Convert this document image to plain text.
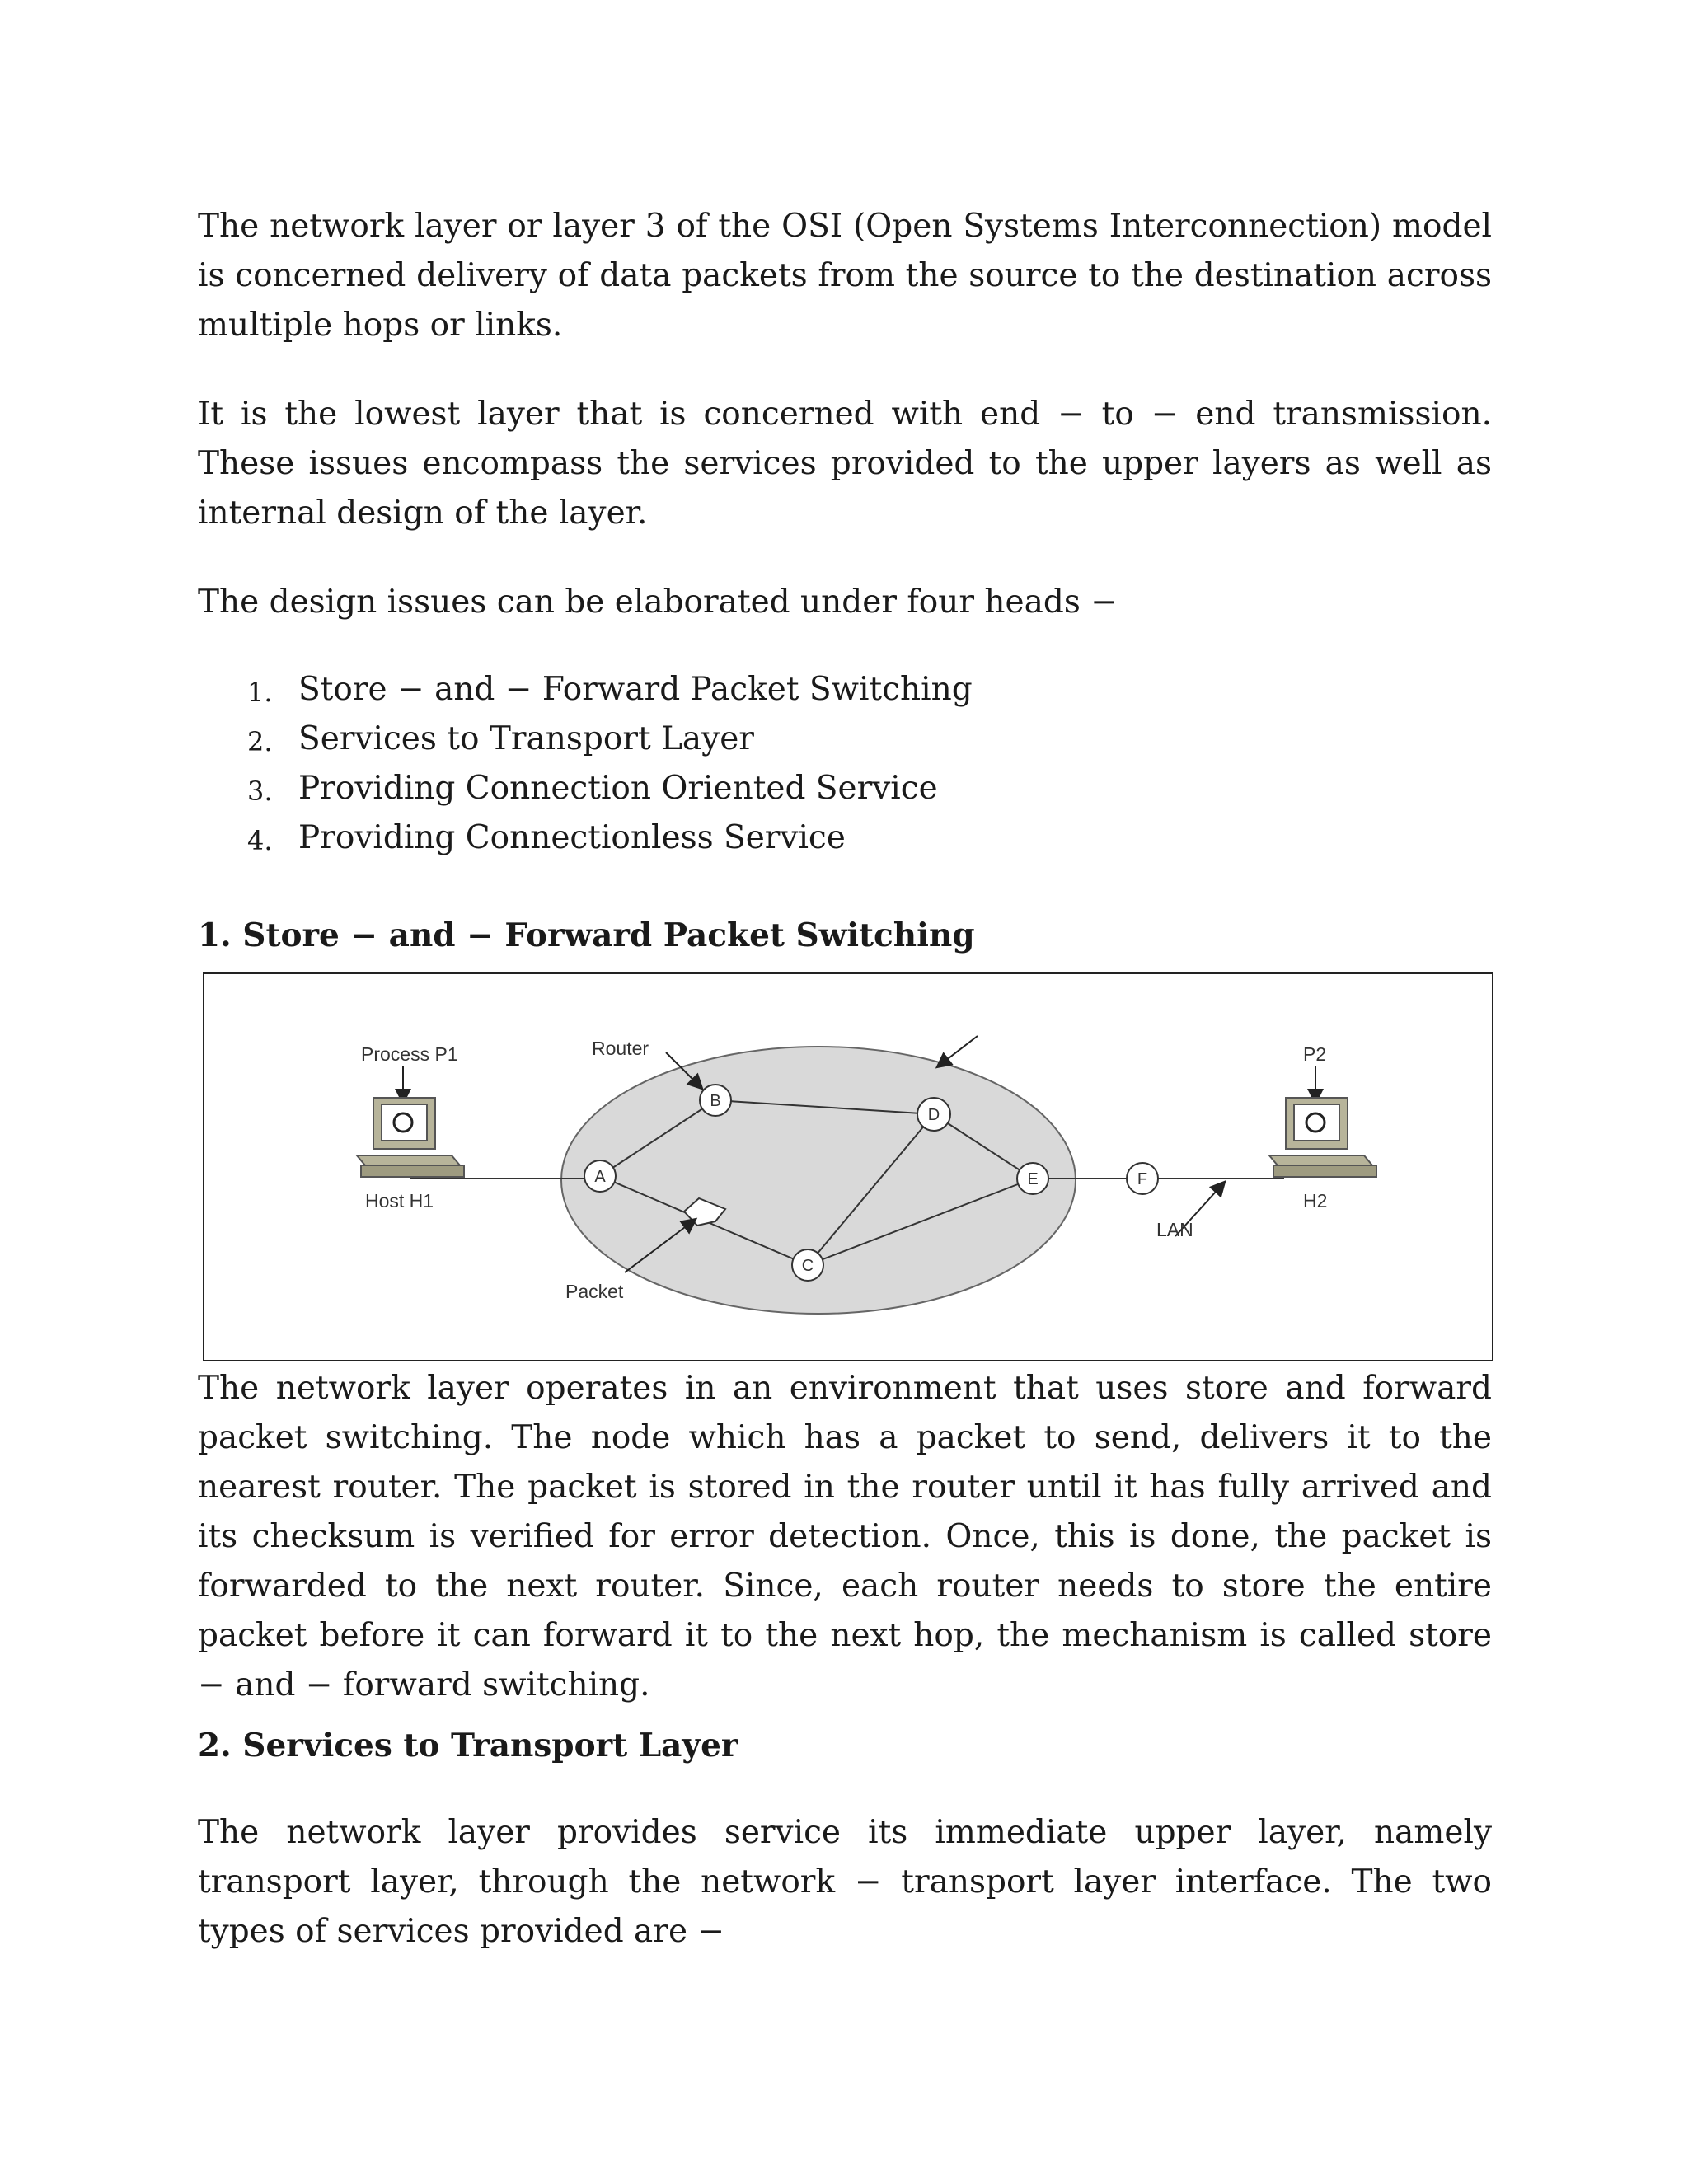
The network layer or layer 3 of the OSI (Open Systems Interconnection) model is concerned delivery of data packets from the source to the destination across multiple hops or links.

It is the lowest layer that is concerned with end − to − end transmission. These issues encompass the services provided to the upper layers as well as internal design of the layer.

The design issues can be elaborated under four heads −

1. Store − and − Forward Packet Switching
2. Services to Transport Layer
3. Providing Connection Oriented Service
4. Providing Connectionless Service
1. Store − and − Forward Packet Switching
A
B
C
D
E	F
Router
Process P1
Host H1
Packet
LAN
P2
H2

The network layer operates in an environment that uses store and forward packet switching. The node which has a packet to send, delivers it to the nearest router. The packet is stored in the router until it has fully arrived and its checksum is verified for error detection. Once, this is done, the packet is forwarded to the next router. Since, each router needs to store the entire packet before it can forward it to the next hop, the mechanism is called store − and − forward switching.

2. Services to Transport Layer

The network layer provides service its immediate upper layer, namely transport layer, through the network − transport layer interface. The two types of services provided are −
